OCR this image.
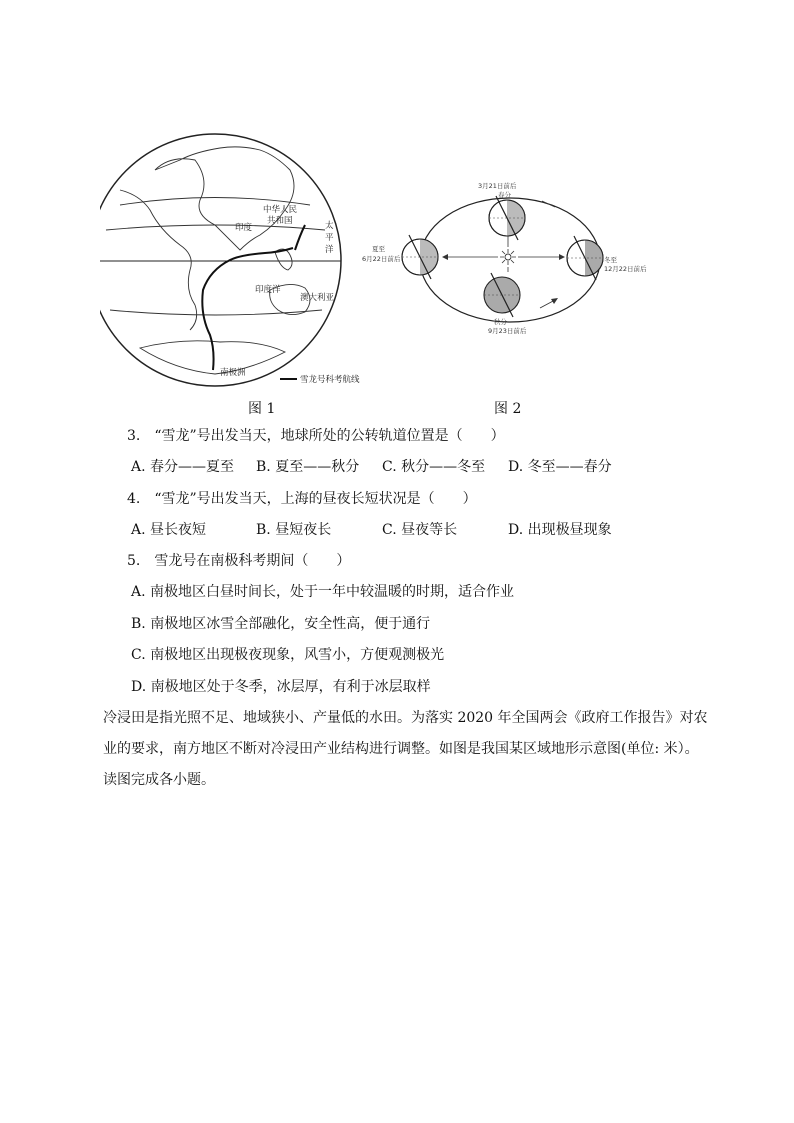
中华人民
共和国
印度
印度洋
澳大利亚
南极洲
太
平
洋
雪龙号科考航线
3月21日前后
春分
夏至
6月22日前后
秋分
9月23日前后
冬至
12月22日前后
图 1	图 2
3.　“雪龙”号出发当天，地球所处的公转轨道位置是（　　）
A. 春分——夏至 B. 夏至——秋分 C. 秋分——冬至 D. 冬至——春分
4.　“雪龙”号出发当天，上海的昼夜长短状况是（　　）
A. 昼长夜短	B. 昼短夜长	C. 昼夜等长	D. 出现极昼现象
5.　雪龙号在南极科考期间（　　）
A. 南极地区白昼时间长，处于一年中较温暖的时期，适合作业
B. 南极地区冰雪全部融化，安全性高，便于通行
C. 南极地区出现极夜现象，风雪小，方便观测极光
D. 南极地区处于冬季，冰层厚，有利于冰层取样
冷浸田是指光照不足、地域狭小、产量低的水田。为落实 2020 年全国两会《政府工作报告》对农
业的要求，南方地区不断对冷浸田产业结构进行调整。如图是我国某区域地形示意图(单位: 米）。
读图完成各小题。
